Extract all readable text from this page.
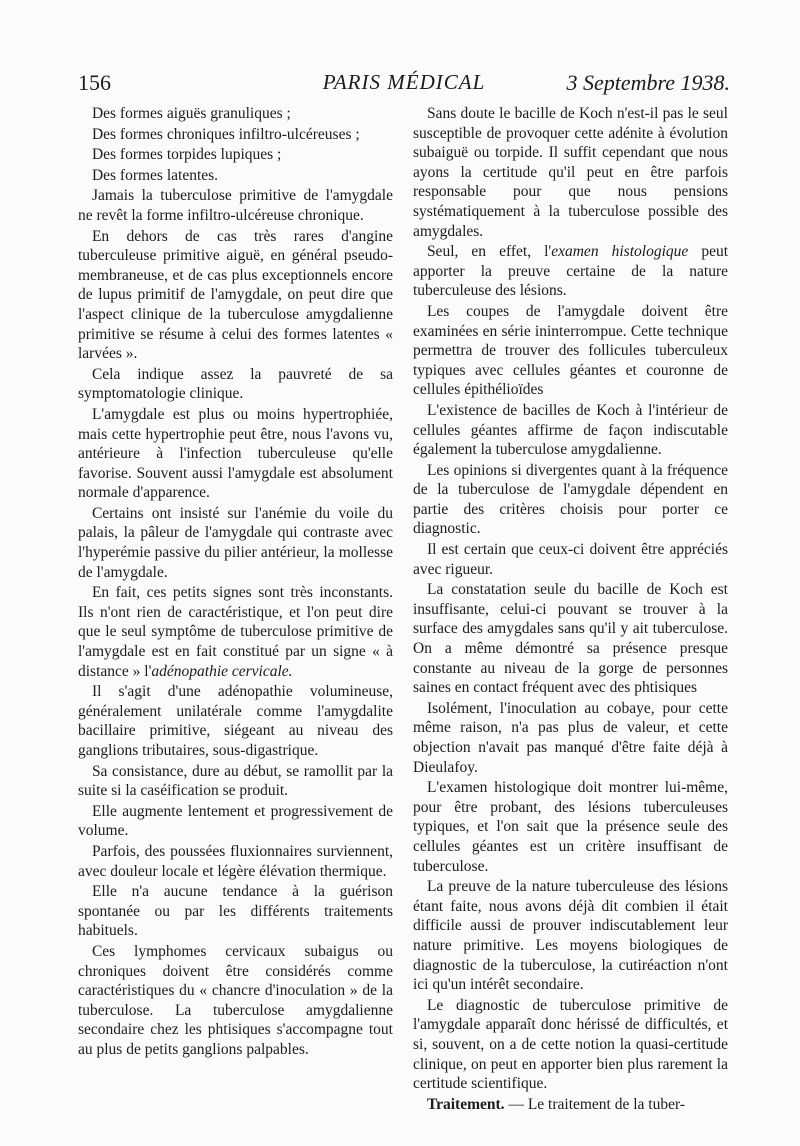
156	PARIS MÉDICAL	3 Septembre 1938.

Des formes aiguës granuliques ;

Des formes chroniques infiltro-ulcéreuses ;

Des formes torpides lupiques ;

Des formes latentes.

Jamais la tuberculose primitive de l'amygdale ne revêt la forme infiltro-ulcéreuse chronique.

En dehors de cas très rares d'angine tuberculeuse primitive aiguë, en général pseudo-membraneuse, et de cas plus exceptionnels encore de lupus primitif de l'amygdale, on peut dire que l'aspect clinique de la tuberculose amygdalienne primitive se résume à celui des formes latentes « larvées ».

Cela indique assez la pauvreté de sa symptomatologie clinique.

L'amygdale est plus ou moins hypertrophiée, mais cette hypertrophie peut être, nous l'avons vu, antérieure à l'infection tuberculeuse qu'elle favorise. Souvent aussi l'amygdale est absolument normale d'apparence.

Certains ont insisté sur l'anémie du voile du palais, la pâleur de l'amygdale qui contraste avec l'hyperémie passive du pilier antérieur, la mollesse de l'amygdale.

En fait, ces petits signes sont très inconstants. Ils n'ont rien de caractéristique, et l'on peut dire que le seul symptôme de tuberculose primitive de l'amygdale est en fait constitué par un signe « à distance » l'adénopathie cervicale.

Il s'agit d'une adénopathie volumineuse, généralement unilatérale comme l'amygdalite bacillaire primitive, siégeant au niveau des ganglions tributaires, sous-digastrique.

Sa consistance, dure au début, se ramollit par la suite si la caséification se produit.

Elle augmente lentement et progressivement de volume.

Parfois, des poussées fluxionnaires surviennent, avec douleur locale et légère élévation thermique.

Elle n'a aucune tendance à la guérison spontanée ou par les différents traitements habituels.

Ces lymphomes cervicaux subaigus ou chroniques doivent être considérés comme caractéristiques du « chancre d'inoculation » de la tuberculose. La tuberculose amygdalienne secondaire chez les phtisiques s'accompagne tout au plus de petits ganglions palpables.

Sans doute le bacille de Koch n'est-il pas le seul susceptible de provoquer cette adénite à évolution subaiguë ou torpide. Il suffit cependant que nous ayons la certitude qu'il peut en être parfois responsable pour que nous pensions systématiquement à la tuberculose possible des amygdales.

Seul, en effet, l'examen histologique peut apporter la preuve certaine de la nature tuberculeuse des lésions.

Les coupes de l'amygdale doivent être examinées en série ininterrompue. Cette technique permettra de trouver des follicules tuberculeux typiques avec cellules géantes et couronne de cellules épithélioïdes

L'existence de bacilles de Koch à l'intérieur de cellules géantes affirme de façon indiscutable également la tuberculose amygdalienne.

Les opinions si divergentes quant à la fréquence de la tuberculose de l'amygdale dépendent en partie des critères choisis pour porter ce diagnostic.

Il est certain que ceux-ci doivent être appréciés avec rigueur.

La constatation seule du bacille de Koch est insuffisante, celui-ci pouvant se trouver à la surface des amygdales sans qu'il y ait tuberculose. On a même démontré sa présence presque constante au niveau de la gorge de personnes saines en contact fréquent avec des phtisiques

Isolément, l'inoculation au cobaye, pour cette même raison, n'a pas plus de valeur, et cette objection n'avait pas manqué d'être faite déjà à Dieulafoy.

L'examen histologique doit montrer lui-même, pour être probant, des lésions tuberculeuses typiques, et l'on sait que la présence seule des cellules géantes est un critère insuffisant de tuberculose.

La preuve de la nature tuberculeuse des lésions étant faite, nous avons déjà dit combien il était difficile aussi de prouver indiscutablement leur nature primitive. Les moyens biologiques de diagnostic de la tuberculose, la cutiréaction n'ont ici qu'un intérêt secondaire.

Le diagnostic de tuberculose primitive de l'amygdale apparaît donc hérissé de difficultés, et si, souvent, on a de cette notion la quasi-certitude clinique, on peut en apporter bien plus rarement la certitude scientifique.

Traitement. — Le traitement de la tuber-
